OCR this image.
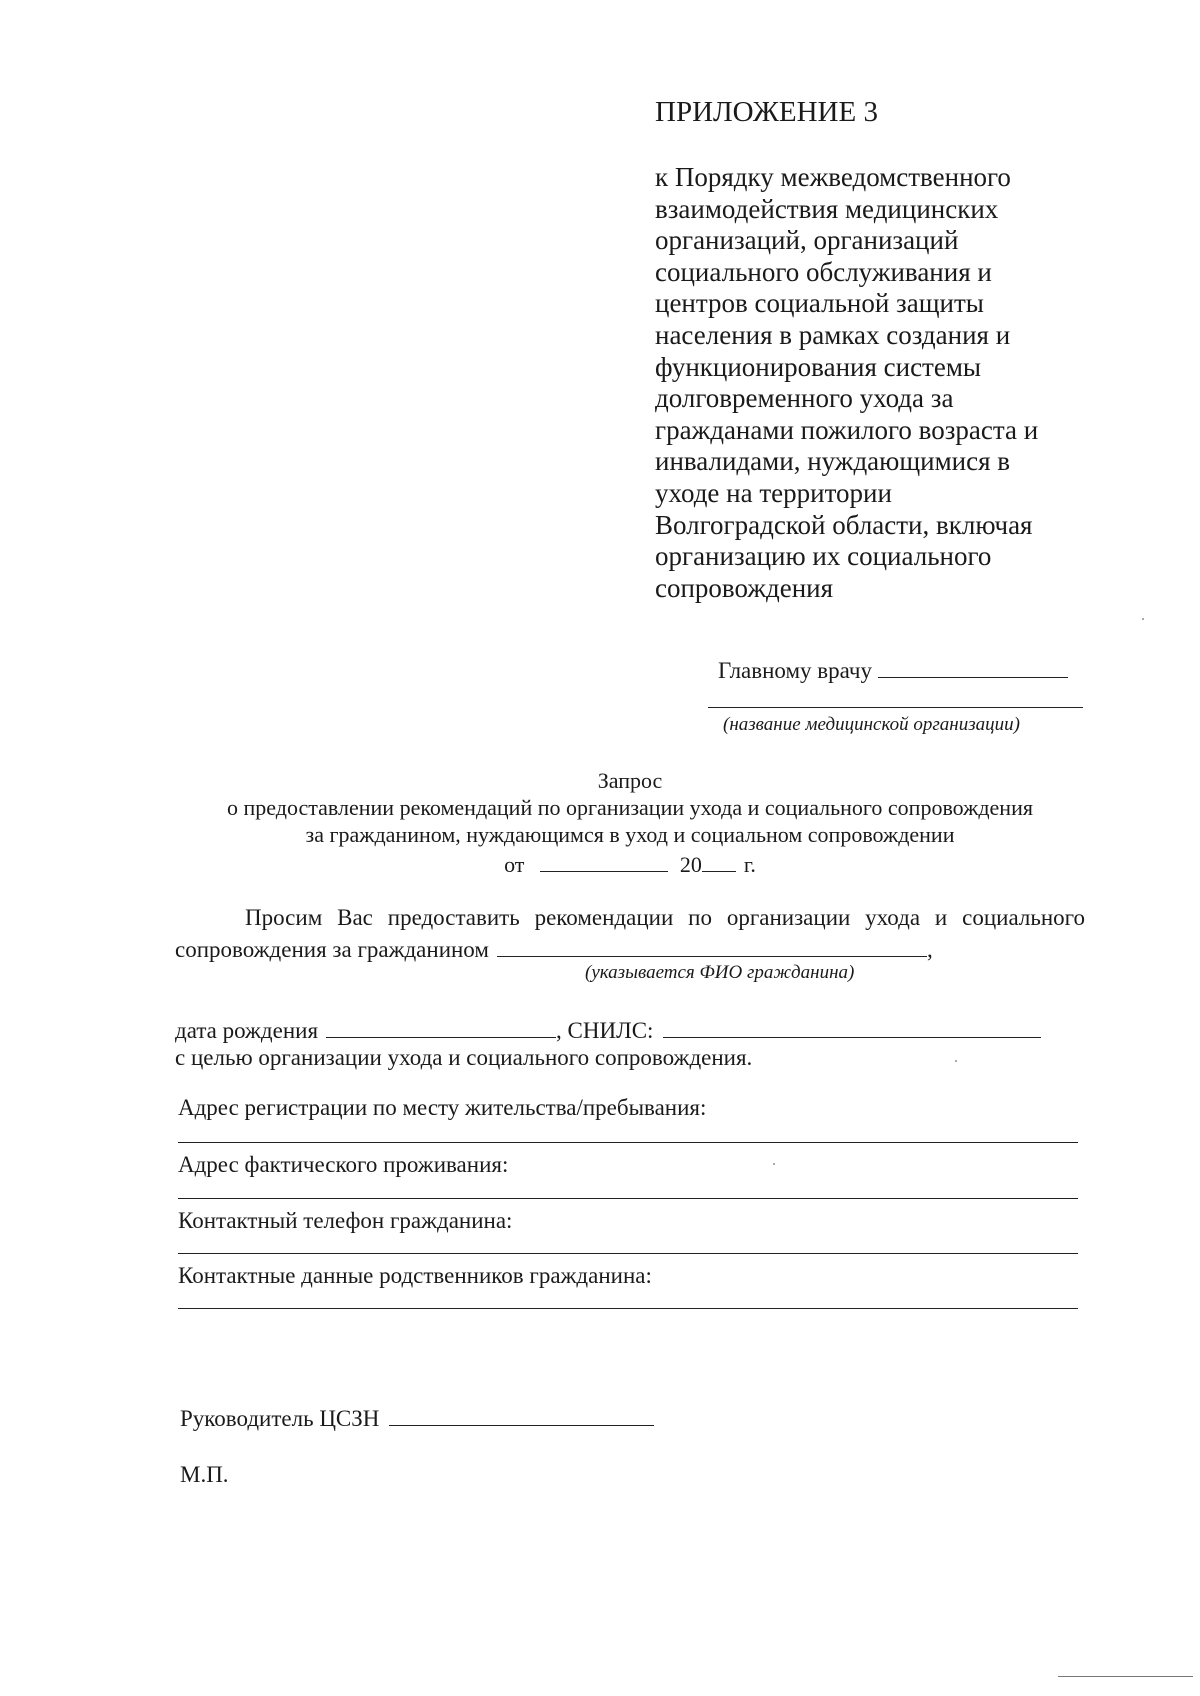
ПРИЛОЖЕНИЕ 3
к Порядку межведомственного
взаимодействия медицинских
организаций, организаций
социального обслуживания и
центров социальной защиты
населения в рамках создания и
функционирования системы
долговременного ухода за
гражданами пожилого возраста и
инвалидами, нуждающимися в
уходе на территории
Волгоградской области, включая
организацию их социального
сопровождения
Главному врачу
(название медицинской организации)
Запрос
о предоставлении рекомендаций по организации ухода и социального сопровождения
за гражданином, нуждающимся в уход и социальном сопровождении
от	20 г.
Просим Вас предоставить рекомендации по организации ухода и социального
сопровождения за гражданином	,
(указывается ФИО гражданина)
дата рождения	, СНИЛС:
с целью организации ухода и социального сопровождения.
Адрес регистрации по месту жительства/пребывания:
Адрес фактического проживания:
Контактный телефон гражданина:
Контактные данные родственников гражданина:
Руководитель ЦСЗН
М.П.
